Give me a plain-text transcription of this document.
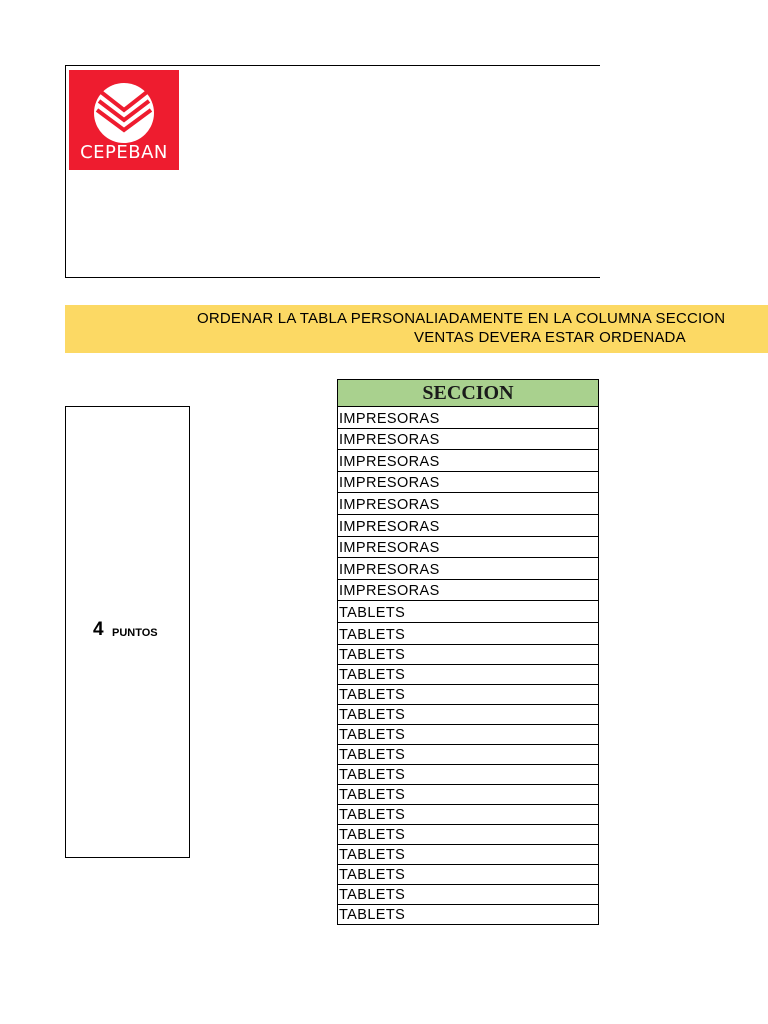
CEPEBAN
ORDENAR LA TABLA PERSONALIADAMENTE EN LA COLUMNA SECCION
VENTAS DEVERA ESTAR ORDENADA
4 PUNTOS
SECCION
IMPRESORAS
IMPRESORAS
IMPRESORAS
IMPRESORAS
IMPRESORAS
IMPRESORAS
IMPRESORAS
IMPRESORAS
IMPRESORAS
TABLETS
TABLETS
TABLETS
TABLETS
TABLETS
TABLETS
TABLETS
TABLETS
TABLETS
TABLETS
TABLETS
TABLETS
TABLETS
TABLETS
TABLETS
TABLETS
